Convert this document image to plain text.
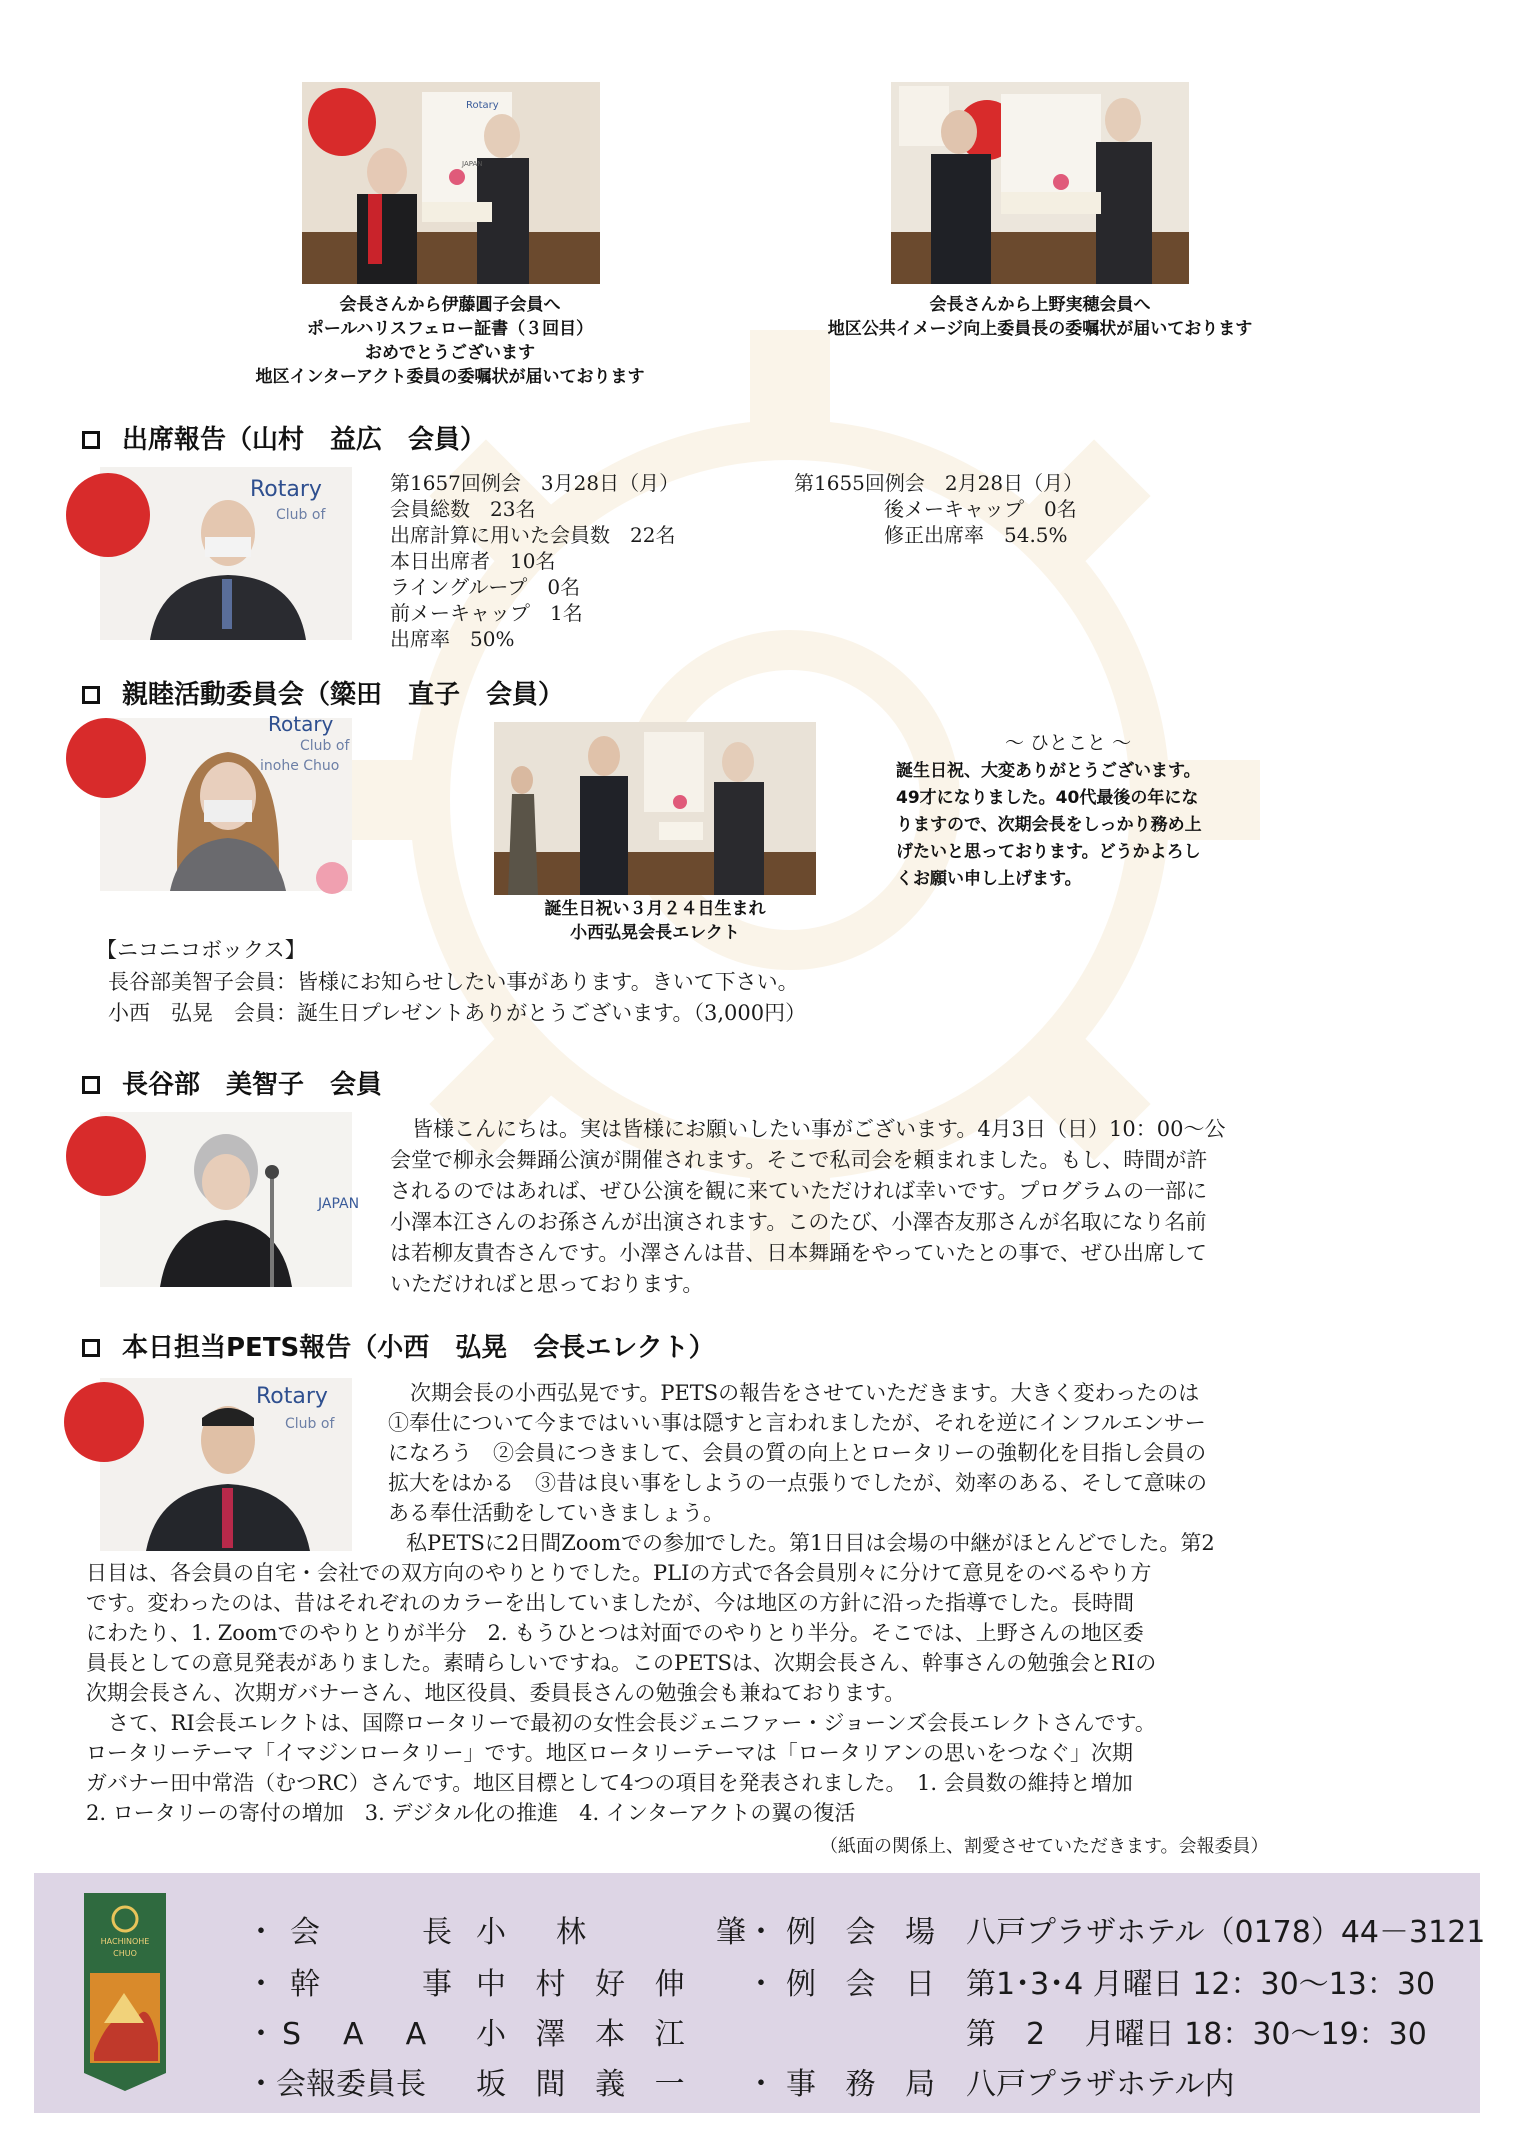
Rotary
JAPAN
会長さんから伊藤圓子会員へ
ポールハリスフェロー証書（３回目）
おめでとうございます
地区インターアクト委員の委嘱状が届いております
会長さんから上野実穂会員へ
地区公共イメージ向上委員長の委嘱状が届いております
出席報告（山村　益広　会員）
Rotary
Club of
第1657回例会　3月28日（月）
会員総数　23名
出席計算に用いた会員数　22名
本日出席者　10名
ライングループ　0名
前メーキャップ　1名
出席率　50%
第1655回例会　2月28日（月）
後メーキャップ　0名
修正出席率　54.5%
親睦活動委員会（簗田　直子　会員）
Rotary
Club of
inohe Chuo
誕生日祝い３月２４日生まれ
小西弘晃会長エレクト
～ ひとこと ～
誕生日祝、大変ありがとうございます。
49才になりました。40代最後の年にな
りますので、次期会長をしっかり務め上
げたいと思っております。どうかよろし
くお願い申し上げます。
【ニコニコボックス】
長谷部美智子会員：皆様にお知らせしたい事があります。きいて下さい。
小西　弘晃　会員：誕生日プレゼントありがとうございます。（3,000円）
長谷部　美智子　会員
JAPAN
皆様こんにちは。実は皆様にお願いしたい事がございます。4月3日（日）10：00～公
会堂で柳永会舞踊公演が開催されます。そこで私司会を頼まれました。もし、時間が許
されるのではあれば、ぜひ公演を観に来ていただければ幸いです。プログラムの一部に
小澤本江さんのお孫さんが出演されます。このたび、小澤杏友那さんが名取になり名前
は若柳友貴杏さんです。小澤さんは昔、日本舞踊をやっていたとの事で、ぜひ出席して
いただければと思っております。
本日担当PETS報告（小西　弘晃　会長エレクト）
Rotary
Club of
次期会長の小西弘晃です。PETSの報告をさせていただきます。大きく変わったのは
①奉仕について今まではいい事は隠すと言われましたが、それを逆にインフルエンサー
になろう　②会員につきまして、会員の質の向上とロータリーの強靭化を目指し会員の
拡大をはかる　③昔は良い事をしようの一点張りでしたが、効率のある、そして意味の
ある奉仕活動をしていきましょう。
私PETSに2日間Zoomでの参加でした。第1日目は会場の中継がほとんどでした。第2
日目は、各会員の自宅・会社での双方向のやりとりでした。PLIの方式で各会員別々に分けて意見をのべるやり方
です。変わったのは、昔はそれぞれのカラーを出していましたが、今は地区の方針に沿った指導でした。長時間
にわたり、1. Zoomでのやりとりが半分　2. もうひとつは対面でのやりとり半分。そこでは、上野さんの地区委
員長としての意見発表がありました。素晴らしいですね。このPETSは、次期会長さん、幹事さんの勉強会とRIの
次期会長さん、次期ガバナーさん、地区役員、委員長さんの勉強会も兼ねております。
さて、RI会長エレクトは、国際ロータリーで最初の女性会長ジェニファー・ジョーンズ会長エレクトさんです。
ロータリーテーマ「イマジンロータリー」です。地区ロータリーテーマは「ロータリアンの思いをつなぐ」次期
ガバナー田中常浩（むつRC）さんです。地区目標として4つの項目を発表されました。　1. 会員数の維持と増加
2. ロータリーの寄付の増加　3. デジタル化の推進　4. インターアクトの翼の復活
（紙面の関係上、割愛させていただきます。会報委員）
HACHINOHE
CHUO
・会　　長 小　林　　　肇
・例 会 場 八戸プラザホテル（0178）44－3121
・幹　　事 中 村 好 伸 ・例 会 日 第1･3･4 月曜日 12：30～13：30
・S　A　A 小 澤 本 江	第　2　 月曜日 18：30～19：30
・会報委員長 坂 間 義 一 ・事 務 局 八戸プラザホテル内
